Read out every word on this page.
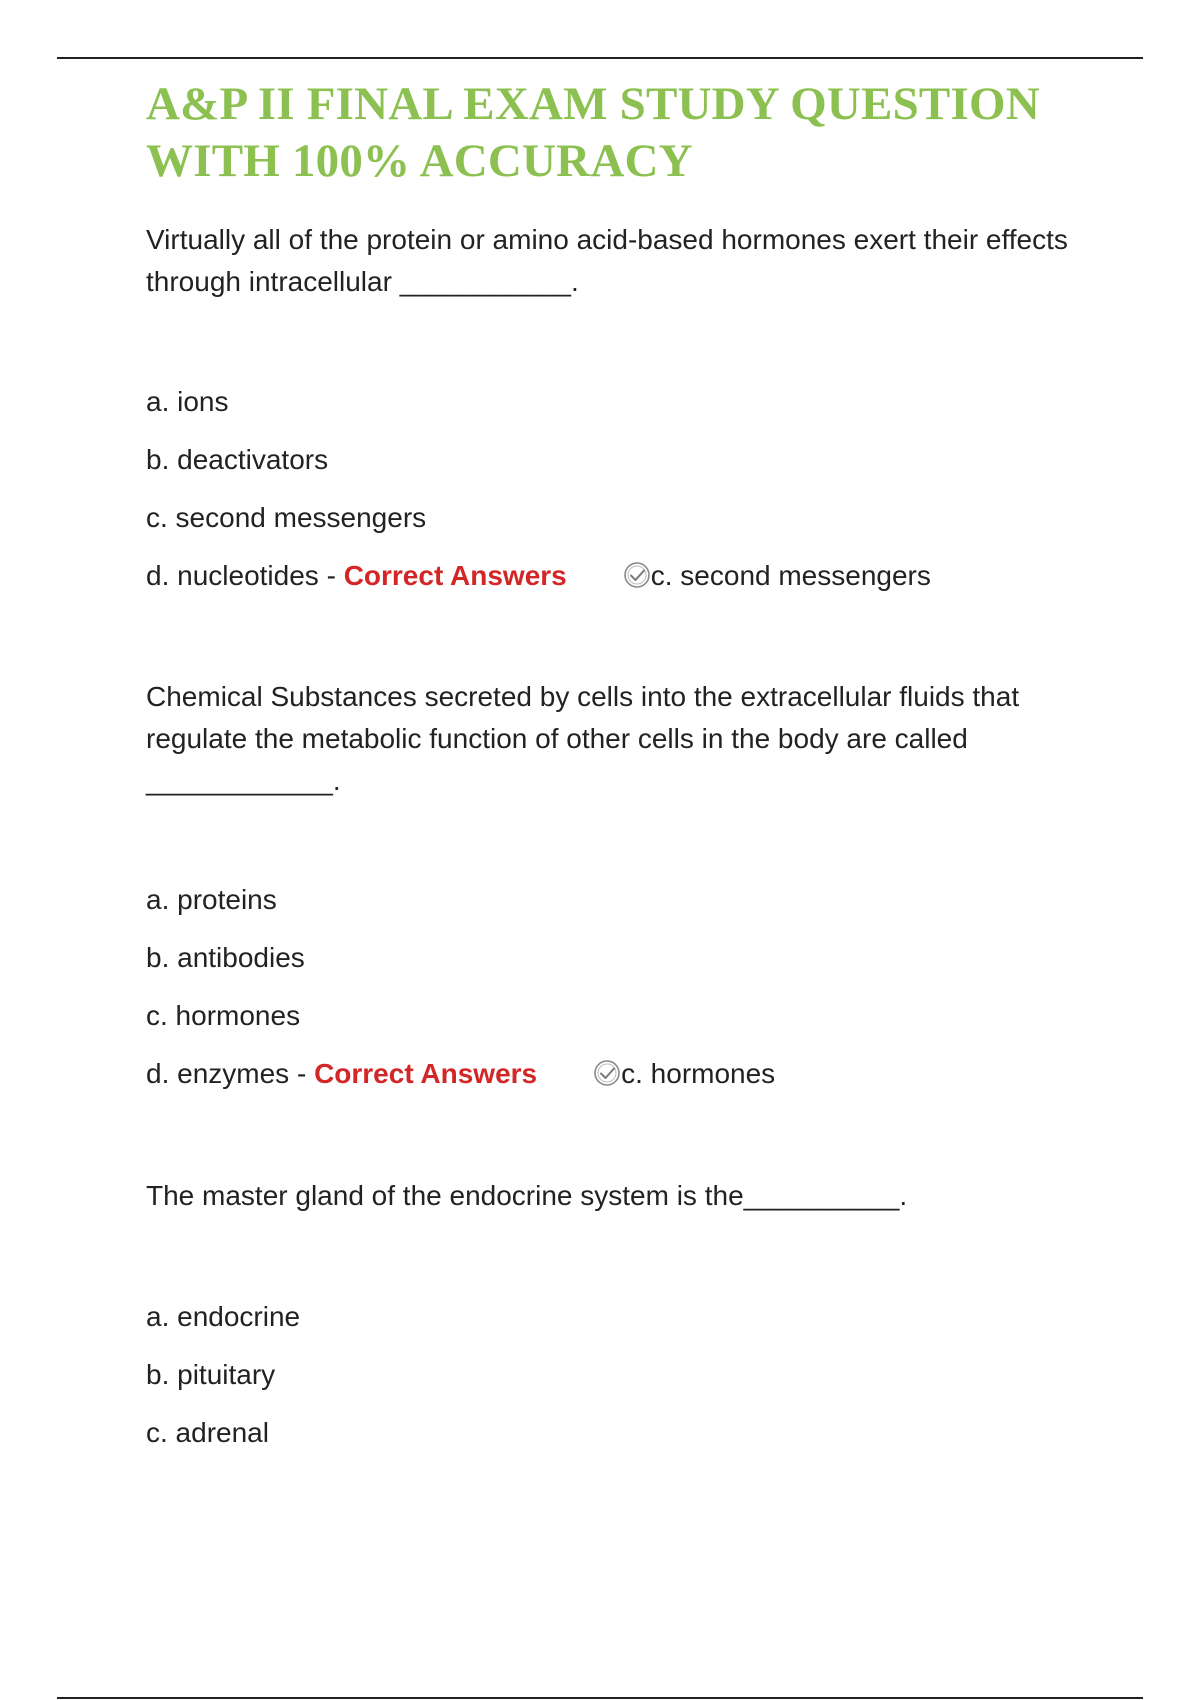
A&P II FINAL EXAM STUDY QUESTION WITH 100% ACCURACY

Virtually all of the protein or amino acid-based hormones exert their effects through intracellular ___________.

a. ions
b. deactivators
c. second messengers
d. nucleotides - Correct Answers	c. second messengers

Chemical Substances secreted by cells into the extracellular fluids that regulate the metabolic function of other cells in the body are called ____________.

a. proteins
b. antibodies
c. hormones
d. enzymes - Correct Answers	c. hormones

The master gland of the endocrine system is the__________.

a. endocrine
b. pituitary
c. adrenal
